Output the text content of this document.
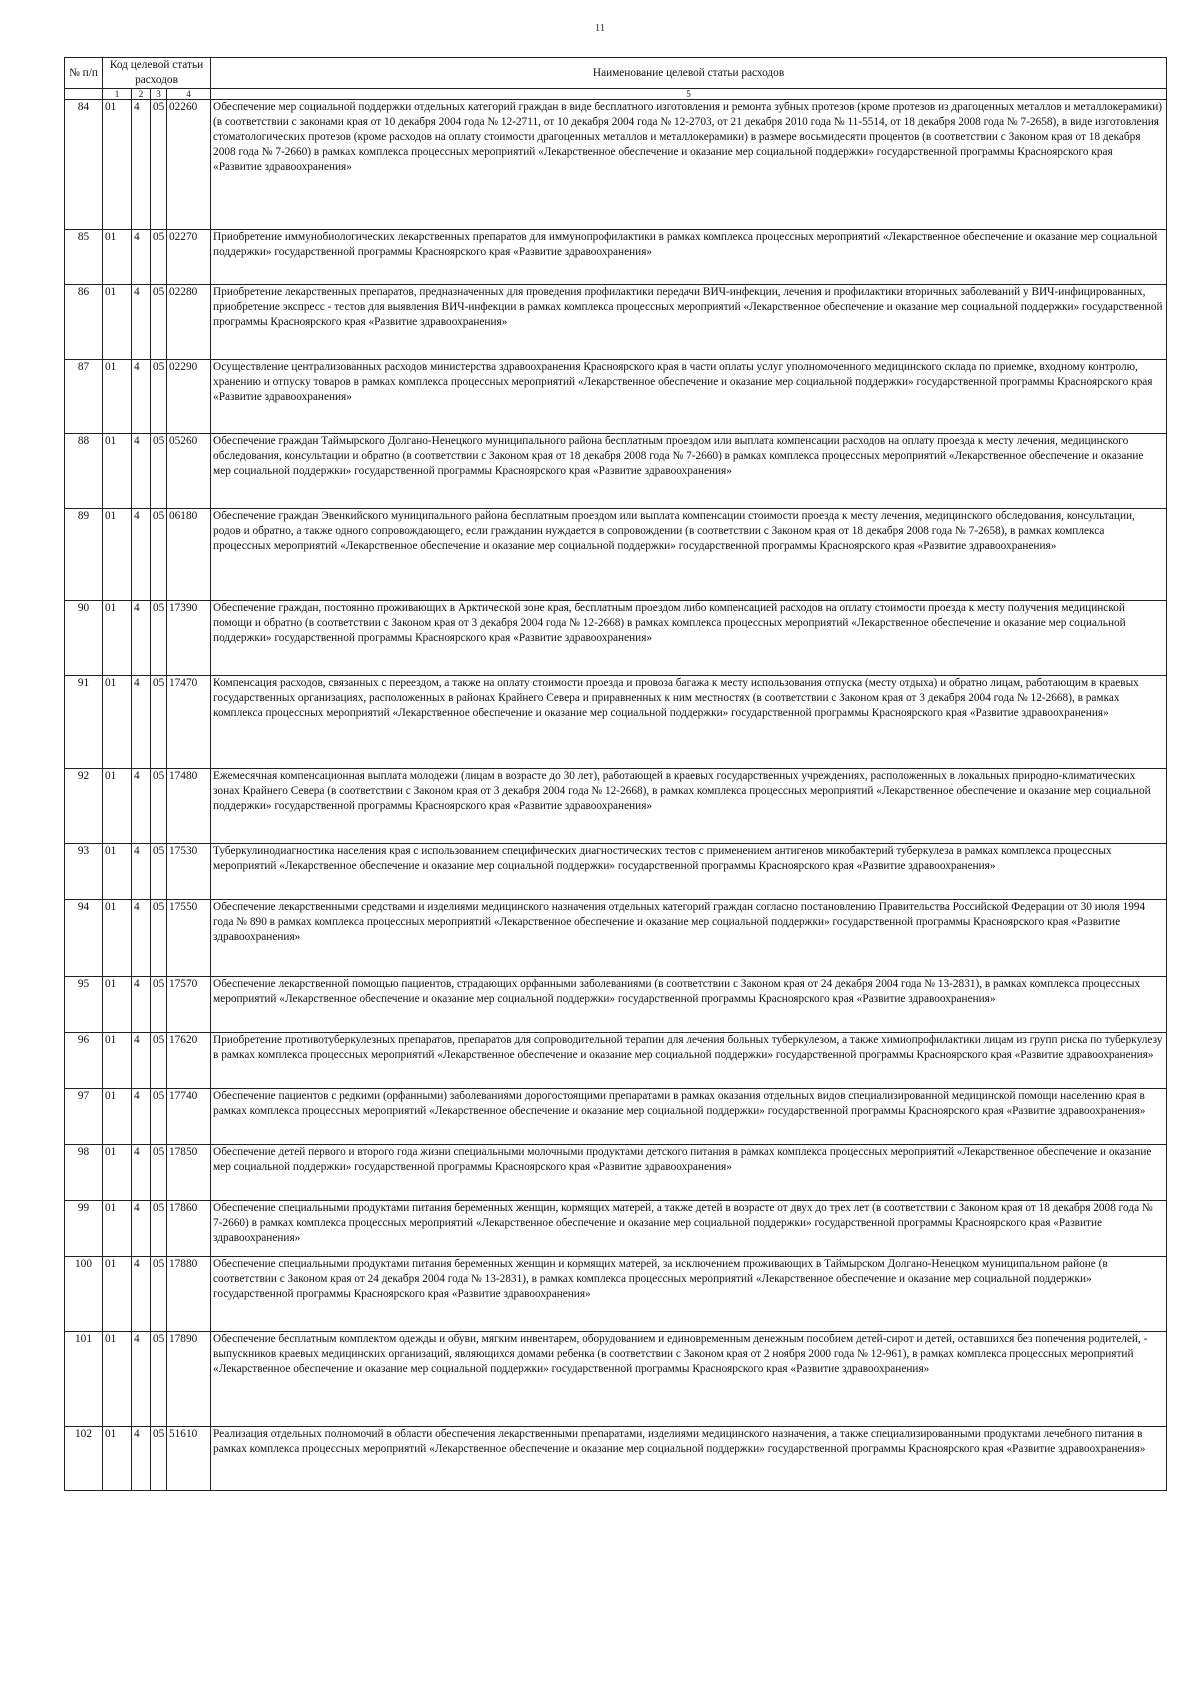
11
№ п/п	Код целевой статьи расходов				Наименование целевой статьи расходов

	1	2	3	4	5
84	01	4	05	02260	Обеспечение мер социальной поддержки отдельных категорий граждан в виде бесплатного изготовления и ремонта зубных протезов (кроме протезов из драгоценных металлов и металлокерамики) (в соответствии с законами края от 10 декабря 2004 года № 12-2711, от 10 декабря 2004 года № 12-2703, от 21 декабря 2010 года № 11-5514, от 18 декабря 2008 года № 7-2658), в виде изготовления стоматологических протезов (кроме расходов на оплату стоимости драгоценных металлов и металлокерамики) в размере восьмидесяти процентов (в соответствии с Законом края от 18 декабря 2008 года № 7-2660) в рамках комплекса процессных мероприятий «Лекарственное обеспечение и оказание мер социальной поддержки» государственной программы Красноярского края «Развитие здравоохранения»
85	01	4	05	02270	Приобретение иммунобиологических лекарственных препаратов для иммунопрофилактики в рамках комплекса процессных мероприятий «Лекарственное обеспечение и оказание мер социальной поддержки» государственной программы Красноярского края «Развитие здравоохранения»
86	01	4	05	02280	Приобретение лекарственных препаратов, предназначенных для проведения профилактики передачи ВИЧ-инфекции, лечения и профилактики вторичных заболеваний у ВИЧ-инфицированных, приобретение экспресс - тестов для выявления ВИЧ-инфекции в рамках комплекса процессных мероприятий «Лекарственное обеспечение и оказание мер социальной поддержки» государственной программы Красноярского края «Развитие здравоохранения»
87	01	4	05	02290	Осуществление централизованных расходов министерства здравоохранения Красноярского края в части оплаты услуг уполномоченного медицинского склада по приемке, входному контролю, хранению и отпуску товаров в рамках комплекса процессных мероприятий «Лекарственное обеспечение и оказание мер социальной поддержки» государственной программы Красноярского края «Развитие здравоохранения»
88	01	4	05	05260	Обеспечение граждан Таймырского Долгано-Ненецкого муниципального района бесплатным проездом или выплата компенсации расходов на оплату проезда к месту лечения, медицинского обследования, консультации и обратно (в соответствии с Законом края от 18 декабря 2008 года № 7-2660) в рамках комплекса процессных мероприятий «Лекарственное обеспечение и оказание мер социальной поддержки» государственной программы Красноярского края «Развитие здравоохранения»
89	01	4	05	06180	Обеспечение граждан Эвенкийского муниципального района бесплатным проездом или выплата компенсации стоимости проезда к месту лечения, медицинского обследования, консультации, родов и обратно, а также одного сопровождающего, если гражданин нуждается в сопровождении (в соответствии с Законом края от 18 декабря 2008 года № 7-2658), в рамках комплекса процессных мероприятий «Лекарственное обеспечение и оказание мер социальной поддержки» государственной программы Красноярского края «Развитие здравоохранения»
90	01	4	05	17390	Обеспечение граждан, постоянно проживающих в Арктической зоне края, бесплатным проездом либо компенсацией расходов на оплату стоимости проезда к месту получения медицинской помощи и обратно (в соответствии с Законом края от 3 декабря 2004 года № 12-2668) в рамках комплекса процессных мероприятий «Лекарственное обеспечение и оказание мер социальной поддержки» государственной программы Красноярского края «Развитие здравоохранения»
91	01	4	05	17470	Компенсация расходов, связанных с переездом, а также на оплату стоимости проезда и провоза багажа к месту использования отпуска (месту отдыха) и обратно лицам, работающим в краевых государственных организациях, расположенных в районах Крайнего Севера и приравненных к ним местностях (в соответствии с Законом края от 3 декабря 2004 года № 12-2668), в рамках комплекса процессных мероприятий «Лекарственное обеспечение и оказание мер социальной поддержки» государственной программы Красноярского края «Развитие здравоохранения»
92	01	4	05	17480	Ежемесячная компенсационная выплата молодежи (лицам в возрасте до 30 лет), работающей в краевых государственных учреждениях, расположенных в локальных природно-климатических зонах Крайнего Севера (в соответствии с Законом края от 3 декабря 2004 года № 12-2668), в рамках комплекса процессных мероприятий «Лекарственное обеспечение и оказание мер социальной поддержки» государственной программы Красноярского края «Развитие здравоохранения»
93	01	4	05	17530	Туберкулинодиагностика населения края с использованием специфических диагностических тестов с применением антигенов микобактерий туберкулеза в рамках комплекса процессных мероприятий «Лекарственное обеспечение и оказание мер социальной поддержки» государственной программы Красноярского края «Развитие здравоохранения»
94	01	4	05	17550	Обеспечение лекарственными средствами и изделиями медицинского назначения отдельных категорий граждан согласно постановлению Правительства Российской Федерации от 30 июля 1994 года № 890 в рамках комплекса процессных мероприятий «Лекарственное обеспечение и оказание мер социальной поддержки» государственной программы Красноярского края «Развитие здравоохранения»
95	01	4	05	17570	Обеспечение лекарственной помощью пациентов, страдающих орфанными заболеваниями (в соответствии с Законом края от 24 декабря 2004 года № 13-2831), в рамках комплекса процессных мероприятий «Лекарственное обеспечение и оказание мер социальной поддержки» государственной программы Красноярского края «Развитие здравоохранения»
96	01	4	05	17620	Приобретение противотуберкулезных препаратов, препаратов для сопроводительной терапии для лечения больных туберкулезом, а также химиопрофилактики лицам из групп риска по туберкулезу в рамках комплекса процессных мероприятий «Лекарственное обеспечение и оказание мер социальной поддержки» государственной программы Красноярского края «Развитие здравоохранения»
97	01	4	05	17740	Обеспечение пациентов с редкими (орфанными) заболеваниями дорогостоящими препаратами в рамках оказания отдельных видов специализированной медицинской помощи населению края в рамках комплекса процессных мероприятий «Лекарственное обеспечение и оказание мер социальной поддержки» государственной программы Красноярского края «Развитие здравоохранения»
98	01	4	05	17850	Обеспечение детей первого и второго года жизни специальными молочными продуктами детского питания в рамках комплекса процессных мероприятий «Лекарственное обеспечение и оказание мер социальной поддержки» государственной программы Красноярского края «Развитие здравоохранения»
99	01	4	05	17860	Обеспечение специальными продуктами питания беременных женщин, кормящих матерей, а также детей в возрасте от двух до трех лет (в соответствии с Законом края от 18 декабря 2008 года № 7-2660) в рамках комплекса процессных мероприятий «Лекарственное обеспечение и оказание мер социальной поддержки» государственной программы Красноярского края «Развитие здравоохранения»
100	01	4	05	17880	Обеспечение специальными продуктами питания беременных женщин и кормящих матерей, за исключением проживающих в Таймырском Долгано-Ненецком муниципальном районе (в соответствии с Законом края от 24 декабря 2004 года № 13-2831), в рамках комплекса процессных мероприятий «Лекарственное обеспечение и оказание мер социальной поддержки» государственной программы Красноярского края «Развитие здравоохранения»
101	01	4	05	17890	Обеспечение бесплатным комплектом одежды и обуви, мягким инвентарем, оборудованием и единовременным денежным пособием детей-сирот и детей, оставшихся без попечения родителей, - выпускников краевых медицинских организаций, являющихся домами ребенка (в соответствии с Законом края от 2 ноября 2000 года № 12-961), в рамках комплекса процессных мероприятий «Лекарственное обеспечение и оказание мер социальной поддержки» государственной программы Красноярского края «Развитие здравоохранения»
102	01	4	05	51610	Реализация отдельных полномочий в области обеспечения лекарственными препаратами, изделиями медицинского назначения, а также специализированными продуктами лечебного питания в рамках комплекса процессных мероприятий «Лекарственное обеспечение и оказание мер социальной поддержки» государственной программы Красноярского края «Развитие здравоохранения»
